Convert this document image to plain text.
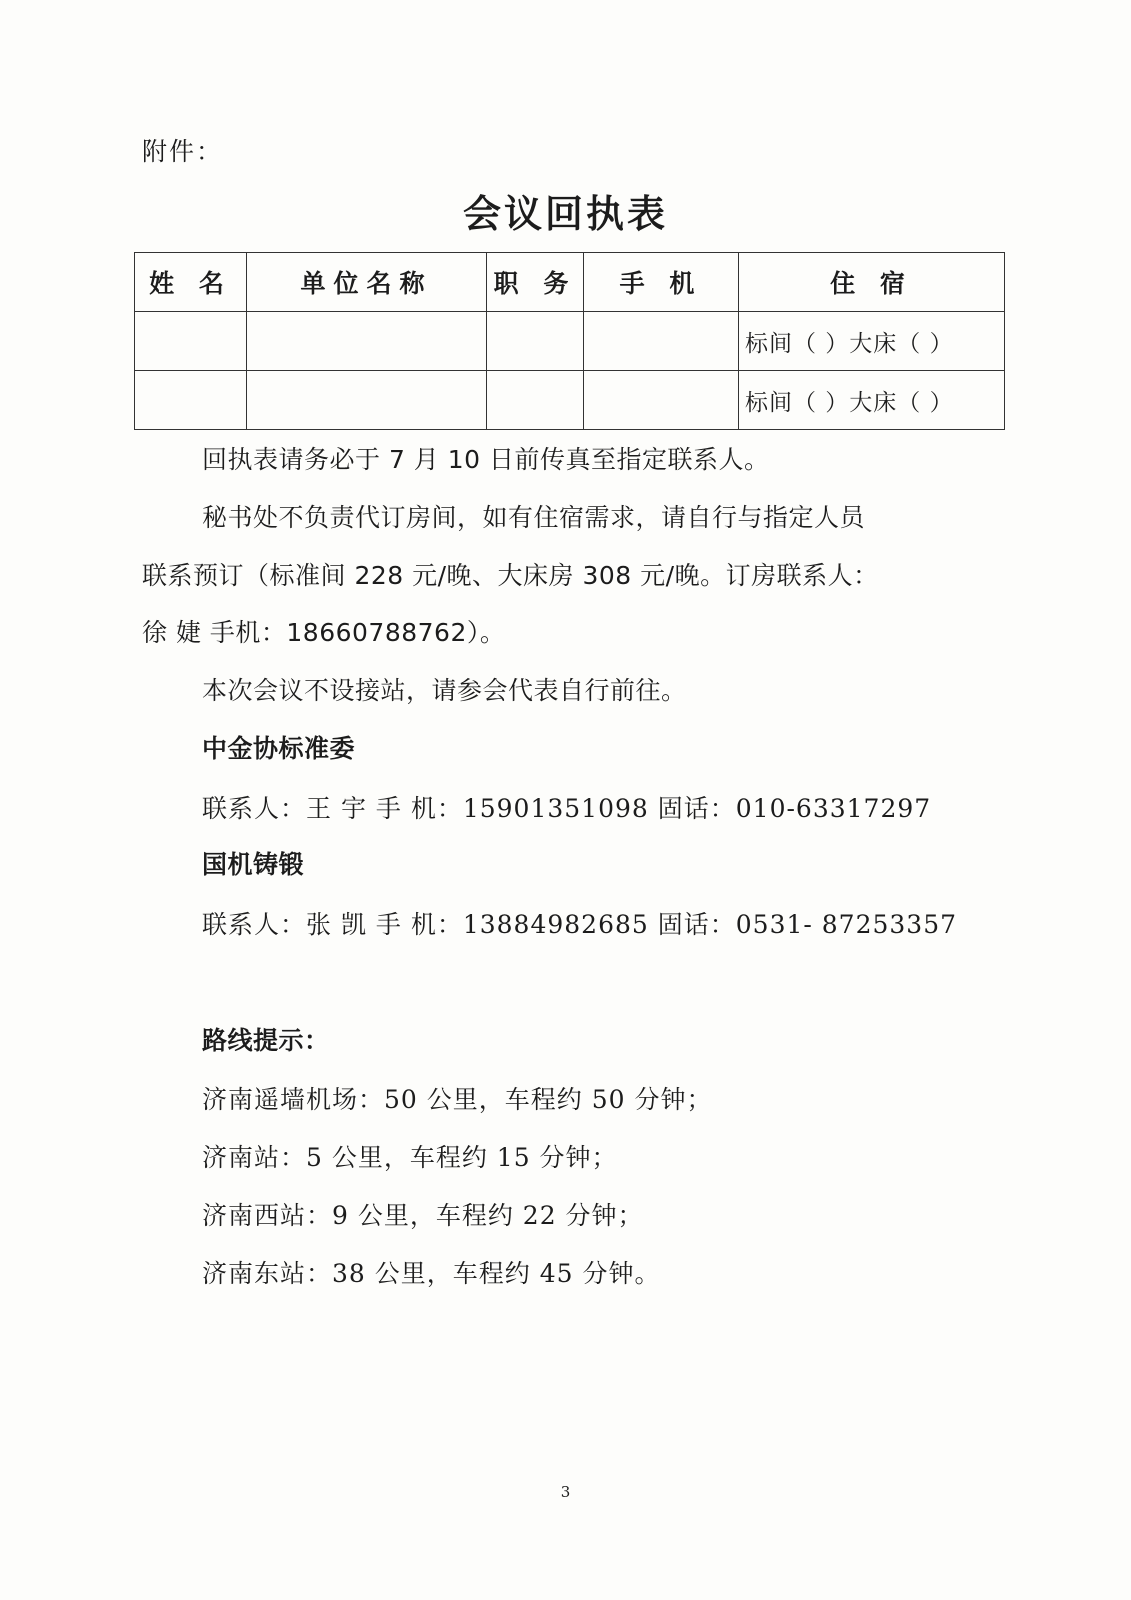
附件：
会议回执表
姓 名	单位名称	职 务	手 机	住 宿
				标间（ ）大床（ ）
				标间（ ）大床（ ）
回执表请务必于 7 月 10 日前传真至指定联系人。
秘书处不负责代订房间，如有住宿需求，请自行与指定人员
联系预订（标准间 228 元/晚、大床房 308 元/晚。订房联系人：
徐 婕 手机：18660788762）。
本次会议不设接站，请参会代表自行前往。
中金协标准委
联系人：王 宇 手 机：15901351098 固话：010-63317297
国机铸锻
联系人：张 凯 手 机：13884982685 固话：0531- 87253357
路线提示：
济南遥墙机场：50 公里，车程约 50 分钟；
济南站：5 公里，车程约 15 分钟；
济南西站：9 公里，车程约 22 分钟；
济南东站：38 公里，车程约 45 分钟。
3
